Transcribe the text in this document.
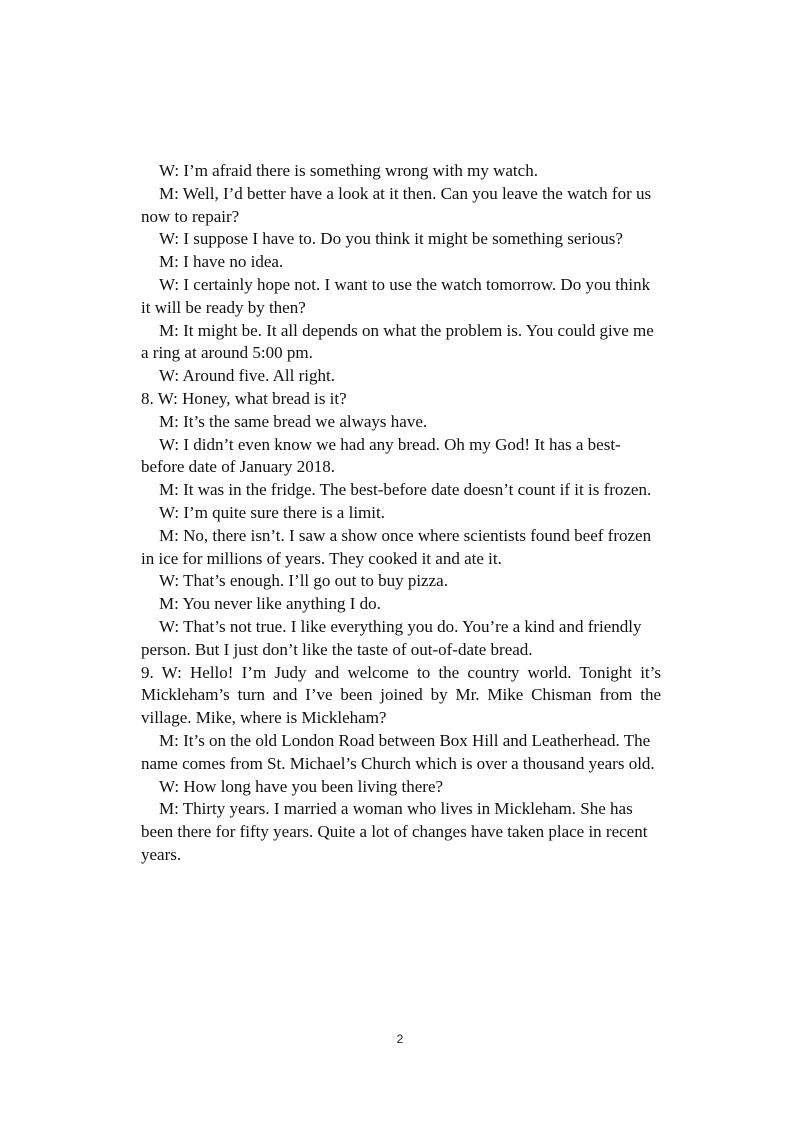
W: I’m afraid there is something wrong with my watch.

M: Well, I’d better have a look at it then. Can you leave the watch for us now to repair?

W: I suppose I have to. Do you think it might be something serious?

M: I have no idea.

W: I certainly hope not. I want to use the watch tomorrow. Do you think it will be ready by then?

M: It might be. It all depends on what the problem is. You could give me a ring at around 5:00 pm.

W: Around five. All right.

8. W: Honey, what bread is it?

M: It’s the same bread we always have.

W: I didn’t even know we had any bread. Oh my God! It has a best-before date of January 2018.

M: It was in the fridge. The best-before date doesn’t count if it is frozen.

W: I’m quite sure there is a limit.

M: No, there isn’t. I saw a show once where scientists found beef frozen in ice for millions of years. They cooked it and ate it.

W: That’s enough. I’ll go out to buy pizza.

M: You never like anything I do.

W: That’s not true. I like everything you do. You’re a kind and friendly person. But I just don’t like the taste of out-of-date bread.

9. W: Hello! I’m Judy and welcome to the country world. Tonight it’s Mickleham’s turn and I’ve been joined by Mr. Mike Chisman from the village. Mike, where is Mickleham?

M: It’s on the old London Road between Box Hill and Leatherhead. The name comes from St. Michael’s Church which is over a thousand years old.

W: How long have you been living there?

M: Thirty years. I married a woman who lives in Mickleham. She has been there for fifty years. Quite a lot of changes have taken place in recent years.

2
